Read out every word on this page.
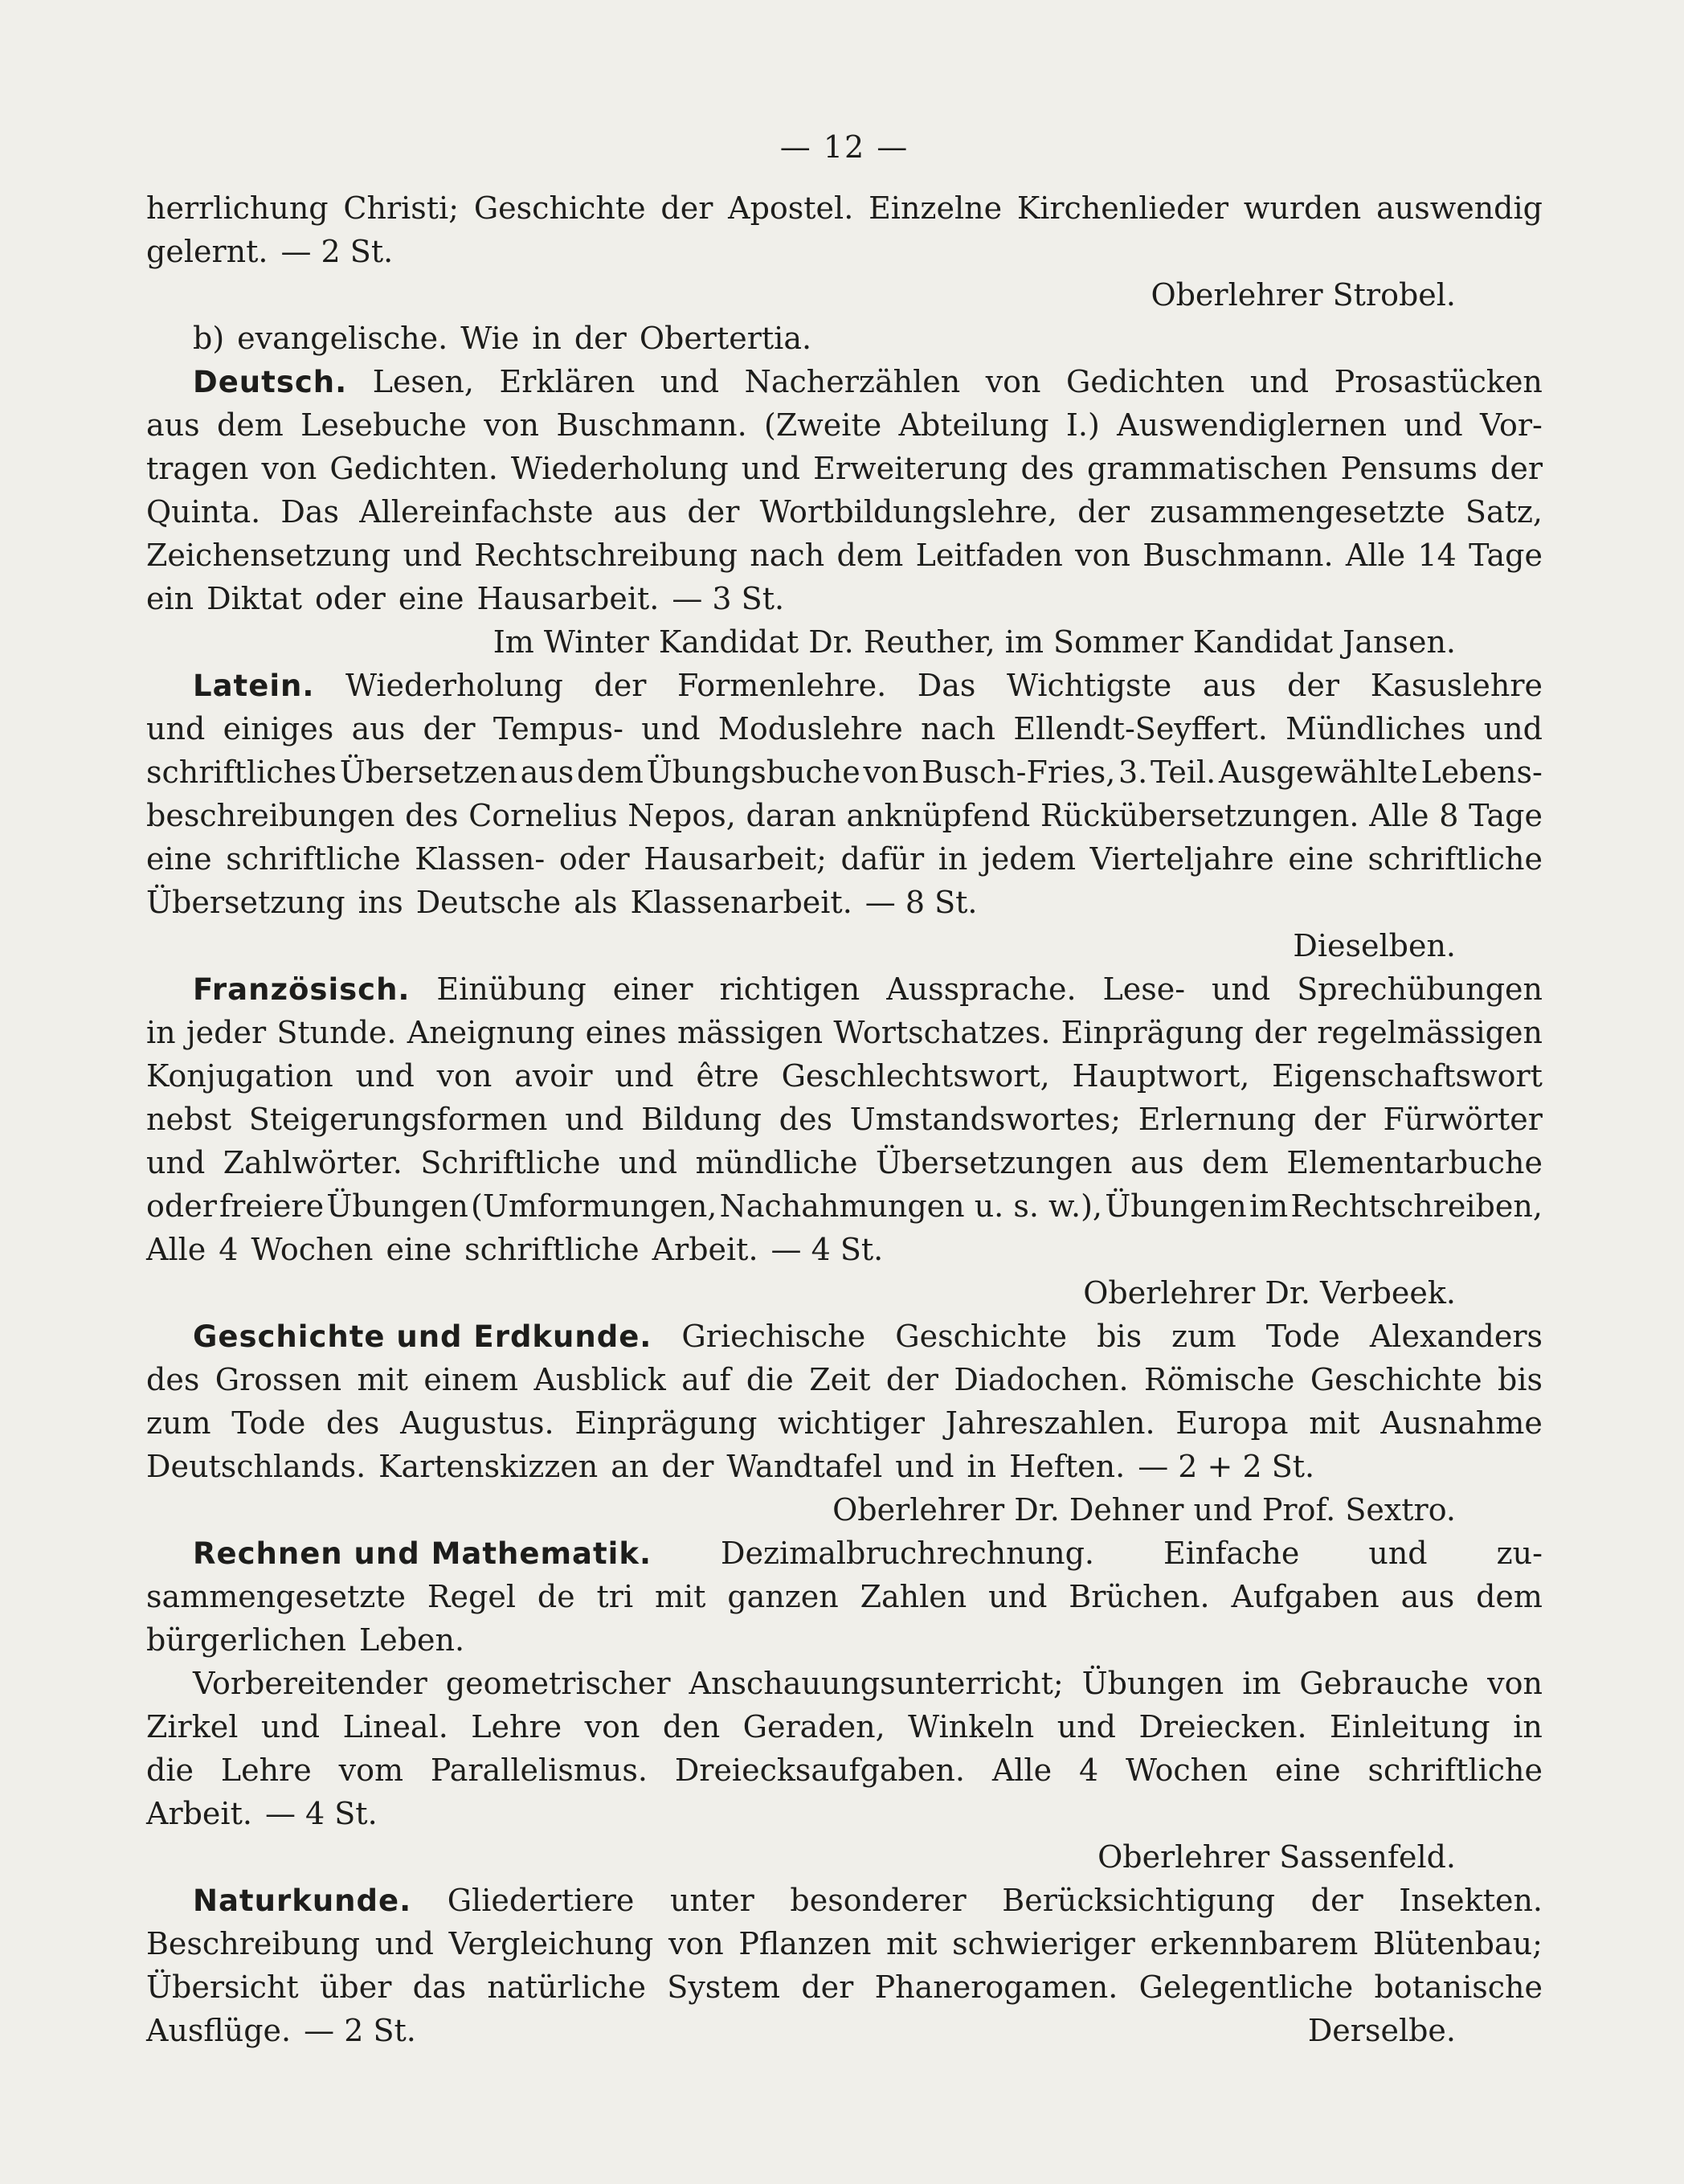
— 12 —
herrlichung Christi; Geschichte der Apostel. Einzelne Kirchenlieder wurden auswendig
gelernt. — 2 St.
Oberlehrer Strobel.
b) evangelische. Wie in der Obertertia.
Deutsch. Lesen, Erklären und Nacherzählen von Gedichten und Prosastücken
aus dem Lesebuche von Buschmann. (Zweite Abteilung I.) Auswendiglernen und Vor-
tragen von Gedichten. Wiederholung und Erweiterung des grammatischen Pensums der
Quinta. Das Allereinfachste aus der Wortbildungslehre, der zusammengesetzte Satz,
Zeichensetzung und Rechtschreibung nach dem Leitfaden von Buschmann. Alle 14 Tage
ein Diktat oder eine Hausarbeit. — 3 St.
Im Winter Kandidat Dr. Reuther, im Sommer Kandidat Jansen.
Latein. Wiederholung der Formenlehre. Das Wichtigste aus der Kasuslehre
und einiges aus der Tempus- und Moduslehre nach Ellendt-Seyffert. Mündliches und
schriftliches Übersetzen aus dem Übungsbuche von Busch-Fries, 3. Teil. Ausgewählte Lebens-
beschreibungen des Cornelius Nepos, daran anknüpfend Rückübersetzungen. Alle 8 Tage
eine schriftliche Klassen- oder Hausarbeit; dafür in jedem Vierteljahre eine schriftliche
Übersetzung ins Deutsche als Klassenarbeit. — 8 St.
Dieselben.
Französisch. Einübung einer richtigen Aussprache. Lese- und Sprechübungen
in jeder Stunde. Aneignung eines mässigen Wortschatzes. Einprägung der regelmässigen
Konjugation und von avoir und être Geschlechtswort, Hauptwort, Eigenschaftswort
nebst Steigerungsformen und Bildung des Umstandswortes; Erlernung der Fürwörter
und Zahlwörter. Schriftliche und mündliche Übersetzungen aus dem Elementarbuche
oder freiere Übungen (Umformungen, Nachahmungen u. s. w.), Übungen im Rechtschreiben,
Alle 4 Wochen eine schriftliche Arbeit. — 4 St.
Oberlehrer Dr. Verbeek.
Geschichte und Erdkunde. Griechische Geschichte bis zum Tode Alexanders
des Grossen mit einem Ausblick auf die Zeit der Diadochen. Römische Geschichte bis
zum Tode des Augustus. Einprägung wichtiger Jahreszahlen. Europa mit Ausnahme
Deutschlands. Kartenskizzen an der Wandtafel und in Heften. — 2 + 2 St.
Oberlehrer Dr. Dehner und Prof. Sextro.
Rechnen und Mathematik. Dezimalbruchrechnung. Einfache und zu-
sammengesetzte Regel de tri mit ganzen Zahlen und Brüchen. Aufgaben aus dem
bürgerlichen Leben.
Vorbereitender geometrischer Anschauungsunterricht; Übungen im Gebrauche von
Zirkel und Lineal. Lehre von den Geraden, Winkeln und Dreiecken. Einleitung in
die Lehre vom Parallelismus. Dreiecksaufgaben. Alle 4 Wochen eine schriftliche
Arbeit. — 4 St.
Oberlehrer Sassenfeld.
Naturkunde. Gliedertiere unter besonderer Berücksichtigung der Insekten.
Beschreibung und Vergleichung von Pflanzen mit schwieriger erkennbarem Blütenbau;
Übersicht über das natürliche System der Phanerogamen. Gelegentliche botanische
Ausflüge. — 2 St.	Derselbe.
